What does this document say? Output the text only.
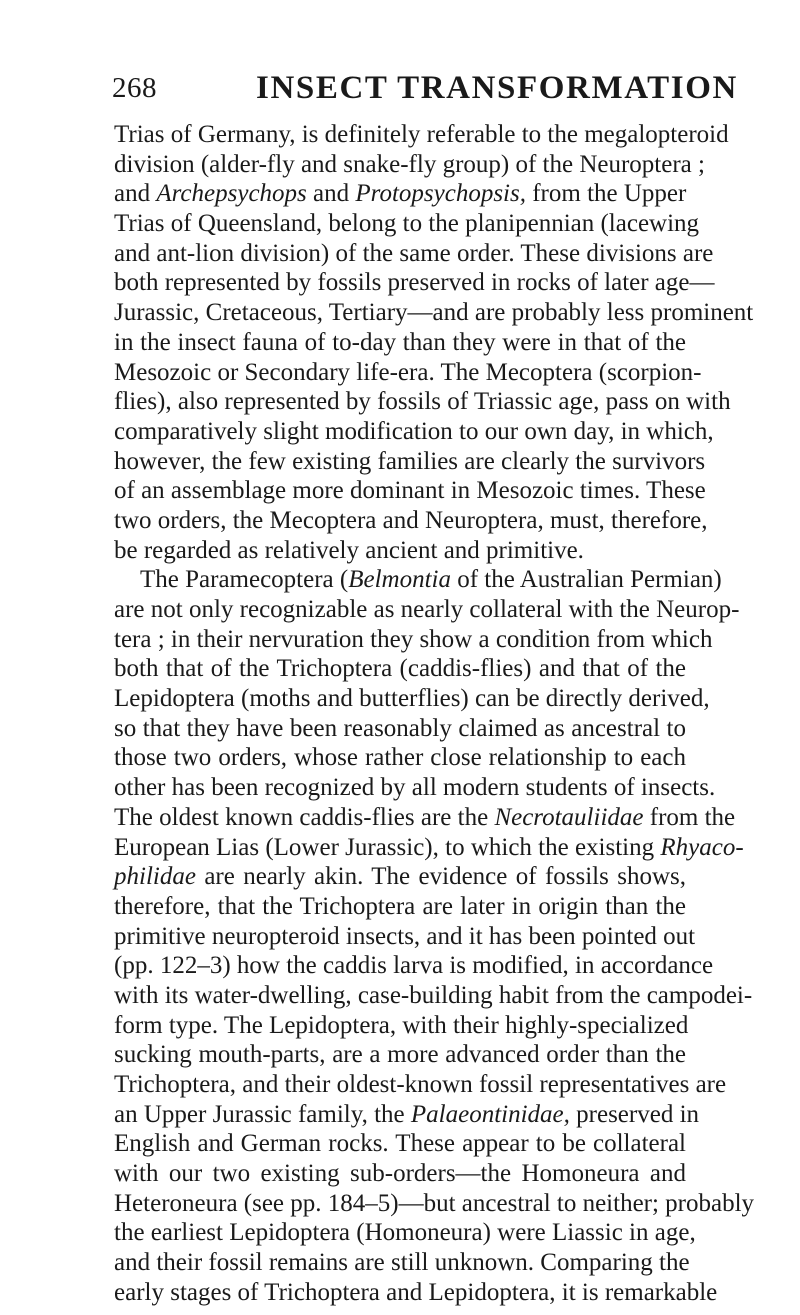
268	INSECT TRANSFORMATION
Trias of Germany, is definitely referable to the megalopteroid
division (alder-fly and snake-fly group) of the Neuroptera ;
and Archepsychops and Protopsychopsis, from the Upper
Trias of Queensland, belong to the planipennian (lacewing
and ant-lion division) of the same order. These divisions are
both represented by fossils preserved in rocks of later age—
Jurassic, Cretaceous, Tertiary—and are probably less prominent
in the insect fauna of to-day than they were in that of the
Mesozoic or Secondary life-era. The Mecoptera (scorpion-
flies), also represented by fossils of Triassic age, pass on with
comparatively slight modification to our own day, in which,
however, the few existing families are clearly the survivors
of an assemblage more dominant in Mesozoic times. These
two orders, the Mecoptera and Neuroptera, must, therefore,
be regarded as relatively ancient and primitive.
The Paramecoptera (Belmontia of the Australian Permian)
are not only recognizable as nearly collateral with the Neurop-
tera ; in their nervuration they show a condition from which
both that of the Trichoptera (caddis-flies) and that of the
Lepidoptera (moths and butterflies) can be directly derived,
so that they have been reasonably claimed as ancestral to
those two orders, whose rather close relationship to each
other has been recognized by all modern students of insects.
The oldest known caddis-flies are the Necrotauliidae from the
European Lias (Lower Jurassic), to which the existing Rhyaco-
philidae are nearly akin. The evidence of fossils shows,
therefore, that the Trichoptera are later in origin than the
primitive neuropteroid insects, and it has been pointed out
(pp. 122–3) how the caddis larva is modified, in accordance
with its water-dwelling, case-building habit from the campodei-
form type. The Lepidoptera, with their highly-specialized
sucking mouth-parts, are a more advanced order than the
Trichoptera, and their oldest-known fossil representatives are
an Upper Jurassic family, the Palaeontinidae, preserved in
English and German rocks. These appear to be collateral
with our two existing sub-orders—the Homoneura and
Heteroneura (see pp. 184–5)—but ancestral to neither; probably
the earliest Lepidoptera (Homoneura) were Liassic in age,
and their fossil remains are still unknown. Comparing the
early stages of Trichoptera and Lepidoptera, it is remarkable
